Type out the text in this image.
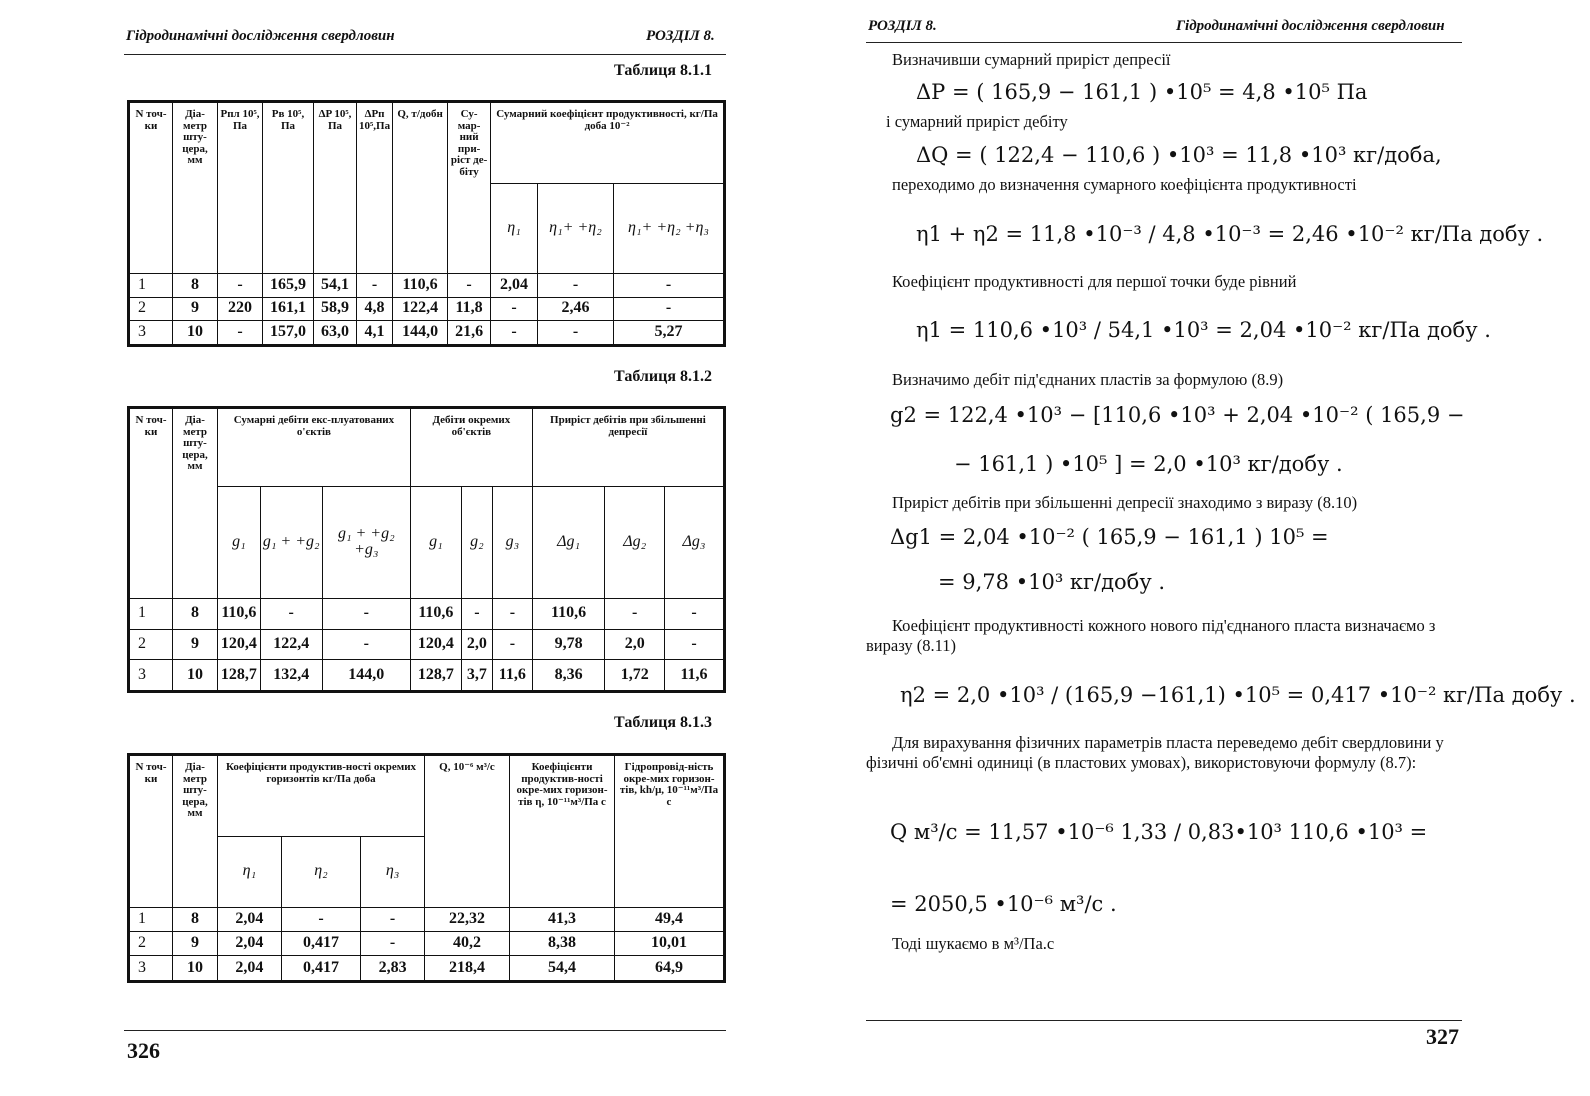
Гідродинамічні дослідження свердловин	РОЗДІЛ 8.
Таблиця 8.1.1
N точ-ки	Діа-метр шту-цера, мм	Pпл 10⁵, Па	Pв 10⁵, Па	ΔP 10⁵, Па	ΔPп 10⁵,Па	Q, т/добн	Су-мар-ний при-ріст де-біту	Сумарний коефіцієнт продуктивності, кг/Па доба 10⁻²		
								η₁	η₁+ +η₂	η₁+ +η₂ +η₃
1	8	-	165,9	54,1	-	110,6	-	2,04	-	-
2	9	220	161,1	58,9	4,8	122,4	11,8	-	2,46	-
3	10	-	157,0	63,0	4,1	144,0	21,6	-	-	5,27
Таблиця 8.1.2
N точ-ки	Діа-метр шту-цера, мм	Сумарні дебіти екс-плуатованих о'єктів			Дебіти окремих об'єктів			Приріст дебітів при збільшенні депресії		
		g₁	g₁ + +g₂	g₁ + +g₂ +g₃	g₁	g₂	g₃	Δg₁	Δg₂	Δg₃
1	8	110,6	-	-	110,6	-	-	110,6	-	-
2	9	120,4	122,4	-	120,4	2,0	-	9,78	2,0	-
3	10	128,7	132,4	144,0	128,7	3,7	11,6	8,36	1,72	11,6
Таблиця 8.1.3
N точ-ки	Діа-метр шту-цера, мм	Коефіцієнти продуктив-ності окремих горизонтів кг/Па доба			Q, 10⁻⁶ м³/с	Коефіцієнти продуктив-ності окре-мих горизон-тів η, 10⁻¹¹м³/Па с	Гідропровід-ність окре-мих горизон-тів, kh/μ, 10⁻¹¹м³/Па с
		η₁	η₂	η₃			
1	8	2,04	-	-	22,32	41,3	49,4
2	9	2,04	0,417	-	40,2	8,38	10,01
3	10	2,04	0,417	2,83	218,4	54,4	64,9
326
РОЗДІЛ 8.	Гідродинамічні дослідження свердловин
Визначивши сумарний приріст депресії
ΔP = ( 165,9 − 161,1 ) •10⁵ = 4,8 •10⁵ Па
і сумарний приріст дебіту
ΔQ = ( 122,4 − 110,6 ) •10³ = 11,8 •10³ кг/доба,
переходимо до визначення сумарного коефіцієнта продуктивності
η1 + η2 = 11,8 •10⁻³ / 4,8 •10⁻³ = 2,46 •10⁻² кг/Па добу .
Коефіцієнт продуктивності для першої точки буде рівний
η1 = 110,6 •10³ / 54,1 •10³ = 2,04 •10⁻² кг/Па добу .
Визначимо дебіт під'єднаних пластів за формулою (8.9)
g2 = 122,4 •10³ − [110,6 •10³ + 2,04 •10⁻² ( 165,9 −
− 161,1 ) •10⁵ ] = 2,0 •10³ кг/добу .
Приріст дебітів при збільшенні депресії знаходимо з виразу (8.10)
Δg1 = 2,04 •10⁻² ( 165,9 − 161,1 ) 10⁵ =
= 9,78 •10³ кг/добу .
Коефіцієнт продуктивності кожного нового під'єднаного пласта визначаємо з виразу (8.11)
η2 = 2,0 •10³ / (165,9 −161,1) •10⁵ = 0,417 •10⁻² кг/Па добу .
Для вирахування фізичних параметрів пласта переведемо дебіт свердловини у фізичні об'ємні одиниці (в пластових умовах), використовуючи формулу (8.7):
Q м³/с = 11,57 •10⁻⁶ 1,33 / 0,83•10³ 110,6 •10³ =
= 2050,5 •10⁻⁶ м³/с .
Тоді шукаємо в м³/Па.с
327
